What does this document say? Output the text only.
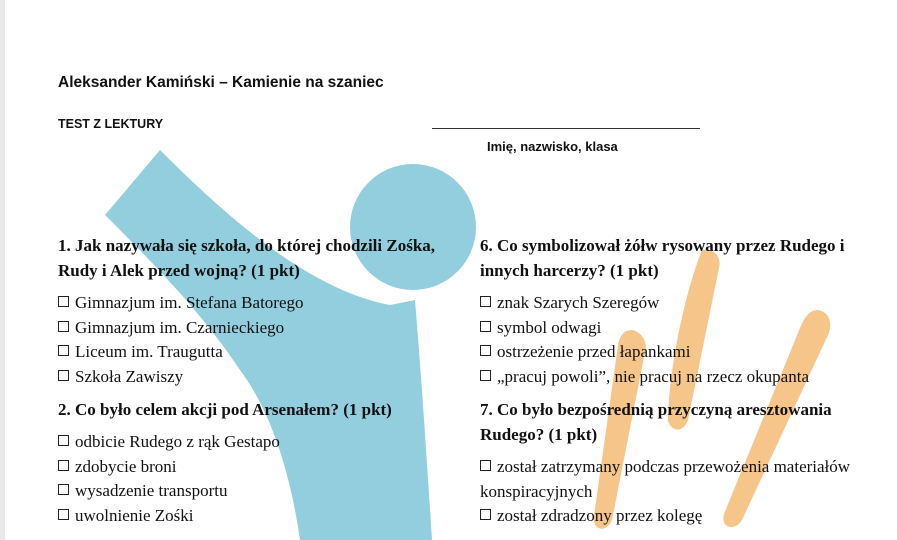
Aleksander Kamiński – Kamienie na szaniec
TEST Z LEKTURY
Imię, nazwisko, klasa

1. Jak nazywała się szkoła, do której chodzili Zośka, Rudy i Alek przed wojną? (1 pkt)

Gimnazjum im. Stefana Batorego
Gimnazjum im. Czarnieckiego
Liceum im. Traugutta
Szkoła Zawiszy

2. Co było celem akcji pod Arsenałem? (1 pkt)

odbicie Rudego z rąk Gestapo
zdobycie broni
wysadzenie transportu
uwolnienie Zośki

6. Co symbolizował żółw rysowany przez Rudego i innych harcerzy? (1 pkt)

znak Szarych Szeregów
symbol odwagi
ostrzeżenie przed łapankami
„pracuj powoli”, nie pracuj na rzecz okupanta

7. Co było bezpośrednią przyczyną aresztowania Rudego? (1 pkt)

został zatrzymany podczas przewożenia materiałów konspiracyjnych
został zdradzony przez kolegę
